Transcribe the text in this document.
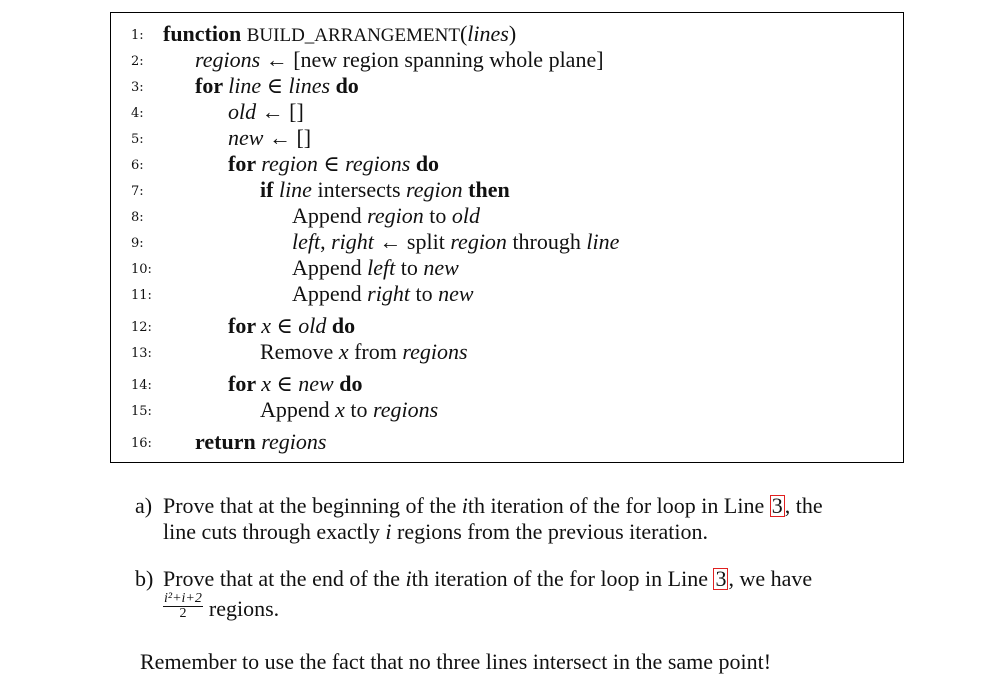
1: function BUILD_ARRANGEMENT(lines)
2:	regions ← [new region spanning whole plane]
3:	for line ∈ lines do
4:	old ← []
5:	new ← []
6:	for region ∈ regions do
7:	if line intersects region then
8:	Append region to old
9:	left, right ← split region through line
10:	Append left to new
11:	Append right to new
12:	for x ∈ old do
13:	Remove x from regions
14:	for x ∈ new do
15:	Append x to regions
16:	return regions
a) Prove that at the beginning of the ith iteration of the for loop in Line 3, the
line cuts through exactly i regions from the previous iteration.
b) Prove that at the end of the ith iteration of the for loop in Line 3, we have
$\frac{\text{i²+i+2}}{2}$ regions.
Remember to use the fact that no three lines intersect in the same point!
